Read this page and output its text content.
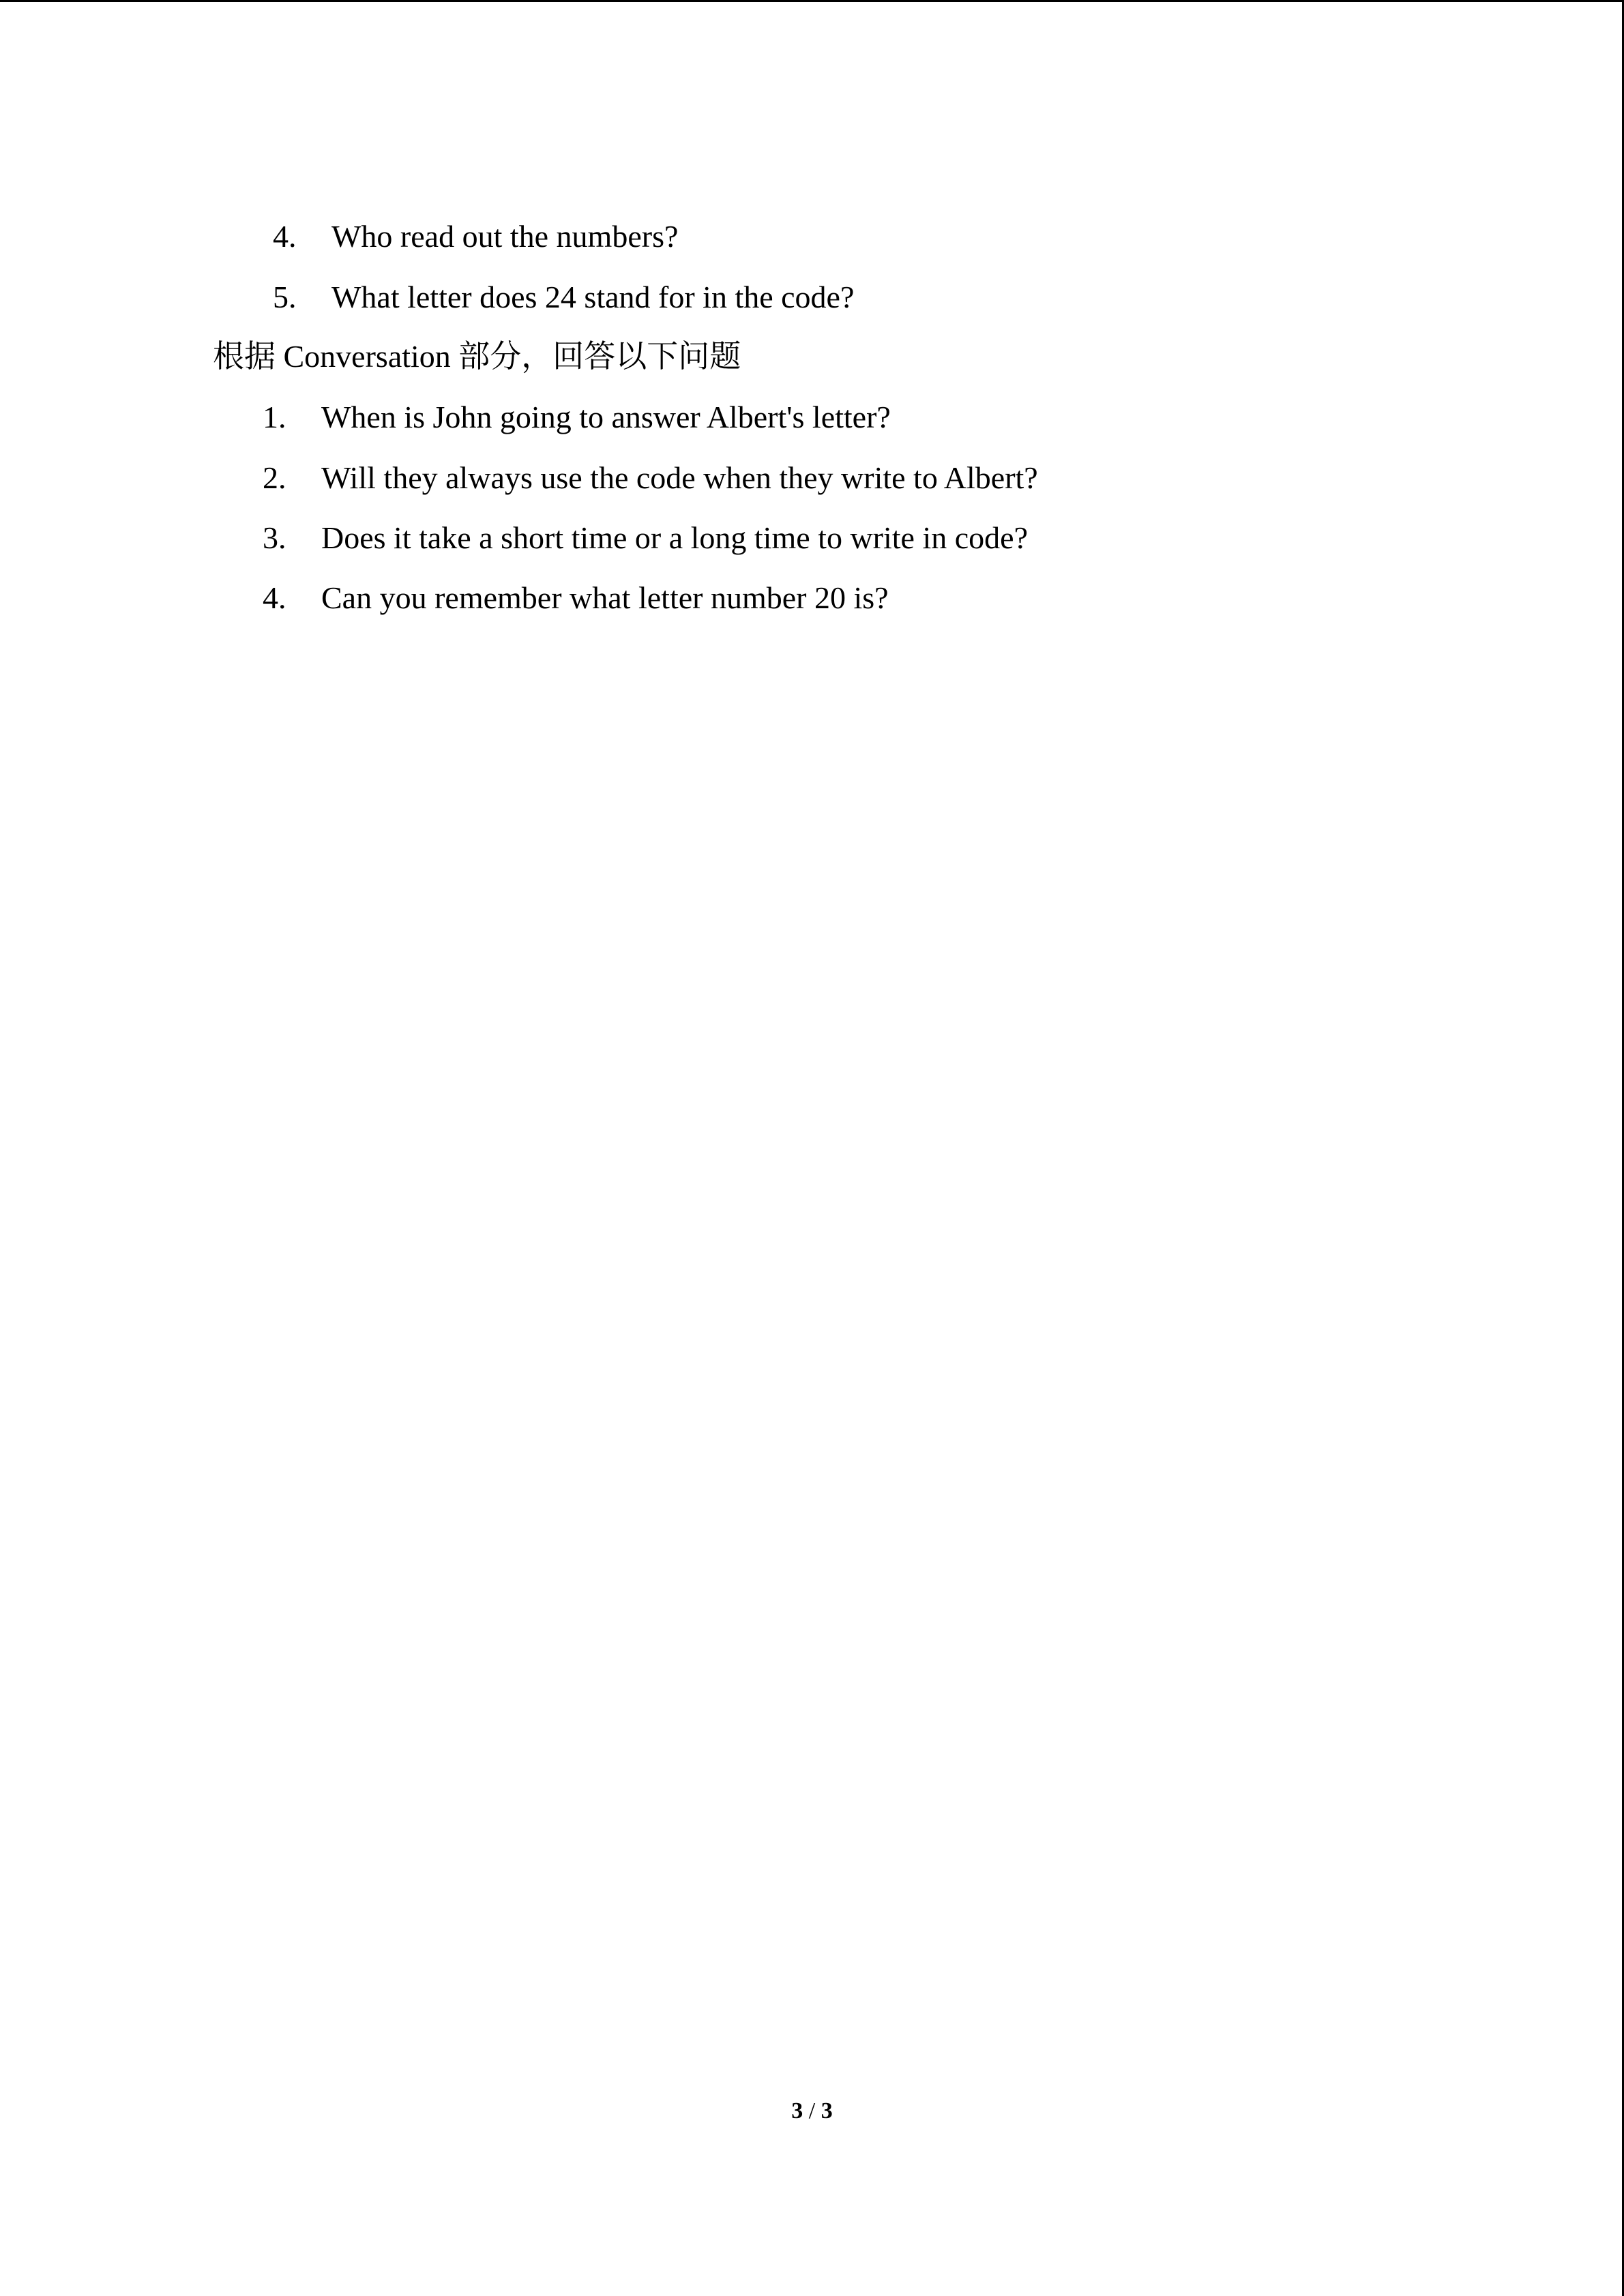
4.	Who read out the numbers?
5.	What letter does 24 stand for in the code?
根据 Conversation 部分，回答以下问题
1.	When is John going to answer Albert's letter?
2.	Will they always use the code when they write to Albert?
3.	Does it take a short time or a long time to write in code?
4.	Can you remember what letter number 20 is?
3 / 3
